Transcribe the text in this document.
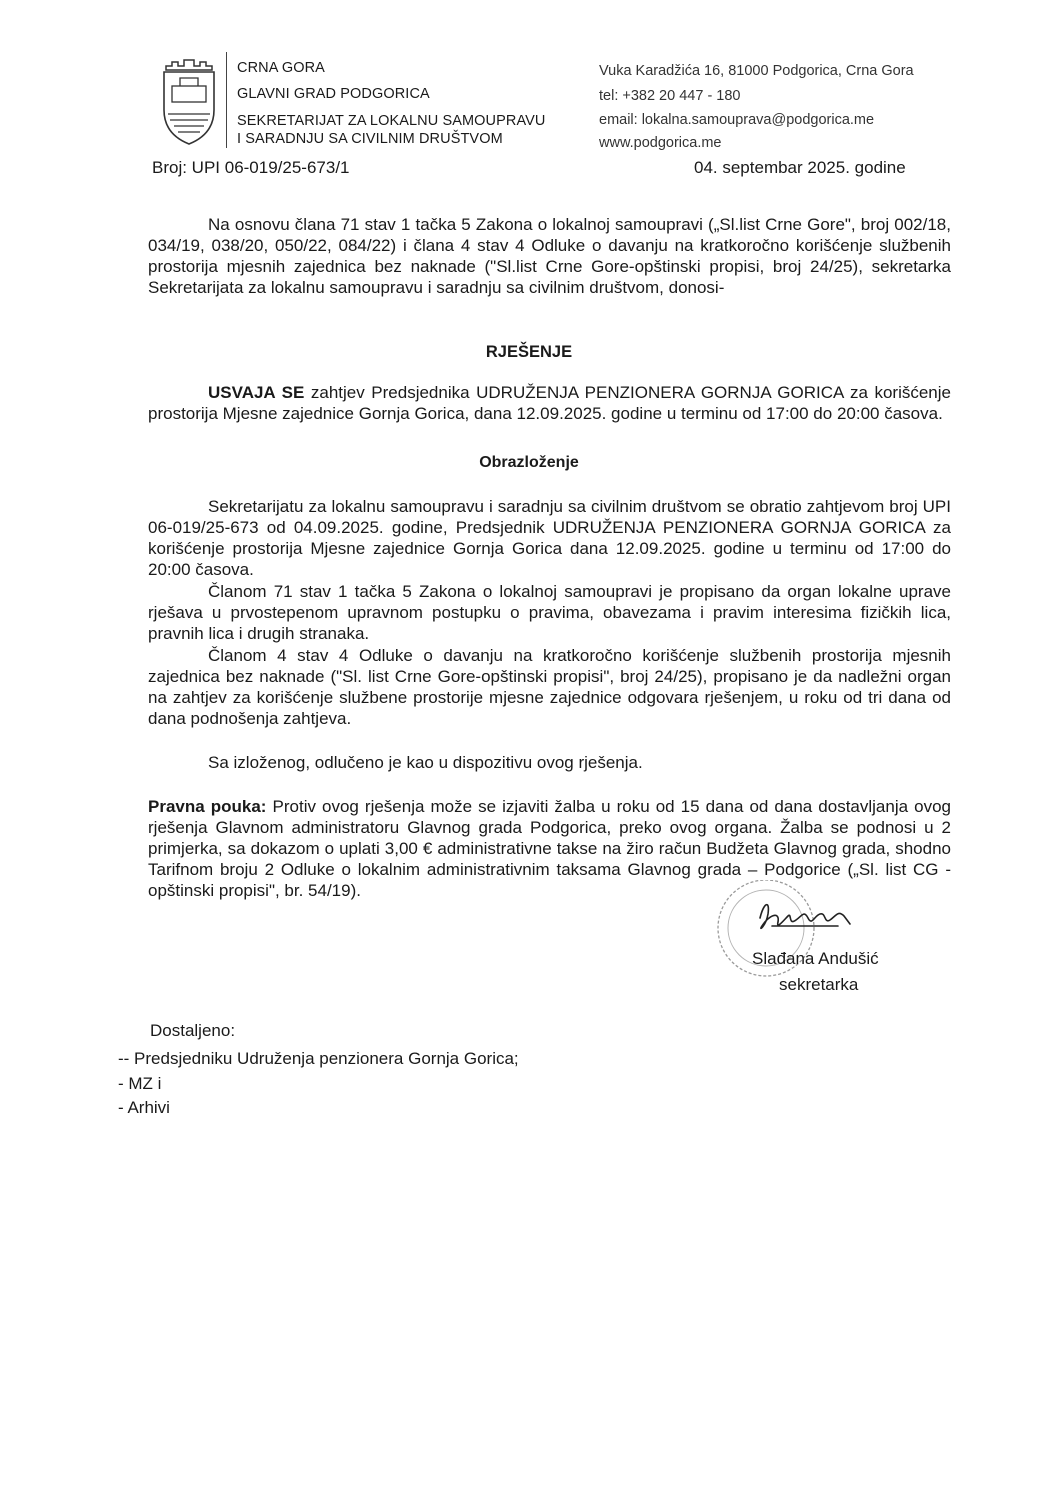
CRNA GORA
GLAVNI GRAD PODGORICA
SEKRETARIJAT ZA LOKALNU SAMOUPRAVU
I SARADNJU SA CIVILNIM DRUŠTVOM
Vuka Karadžića 16, 81000 Podgorica, Crna Gora
tel: +382 20 447 - 180
email: lokalna.samouprava@podgorica.me
www.podgorica.me
Broj: UPI 06-019/25-673/1	04. septembar 2025. godine
Na osnovu člana 71 stav 1 tačka 5 Zakona o lokalnoj samoupravi („Sl.list Crne Gore", broj 002/18, 034/19, 038/20, 050/22, 084/22) i člana 4 stav 4 Odluke o davanju na kratkoročno korišćenje službenih prostorija mjesnih zajednica bez naknade ("Sl.list Crne Gore-opštinski propisi, broj 24/25), sekretarka Sekretarijata za lokalnu samoupravu i saradnju sa civilnim društvom, donosi-
RJEŠENJE
USVAJA SE zahtjev Predsjednika UDRUŽENJA PENZIONERA GORNJA GORICA za korišćenje prostorija Mjesne zajednice Gornja Gorica, dana 12.09.2025. godine u terminu od 17:00 do 20:00 časova.
Obrazloženje
Sekretarijatu za lokalnu samoupravu i saradnju sa civilnim društvom se obratio zahtjevom broj UPI 06-019/25-673 od 04.09.2025. godine, Predsjednik UDRUŽENJA PENZIONERA GORNJA GORICA za korišćenje prostorija Mjesne zajednice Gornja Gorica dana 12.09.2025. godine u terminu od 17:00 do 20:00 časova.
Članom 71 stav 1 tačka 5 Zakona o lokalnoj samoupravi je propisano da organ lokalne uprave rješava u prvostepenom upravnom postupku o pravima, obavezama i pravim interesima fizičkih lica, pravnih lica i drugih stranaka.
Članom 4 stav 4 Odluke o davanju na kratkoročno korišćenje službenih prostorija mjesnih zajednica bez naknade ("Sl. list Crne Gore-opštinski propisi", broj 24/25), propisano je da nadležni organ na zahtjev za korišćenje službene prostorije mjesne zajednice odgovara rješenjem, u roku od tri dana od dana podnošenja zahtjeva.
Sa izloženog, odlučeno je kao u dispozitivu ovog rješenja.
Pravna pouka: Protiv ovog rješenja može se izjaviti žalba u roku od 15 dana od dana dostavljanja ovog rješenja Glavnom administratoru Glavnog grada Podgorica, preko ovog organa. Žalba se podnosi u 2 primjerka, sa dokazom o uplati 3,00 € administrativne takse na žiro račun Budžeta Glavnog grada, shodno Tarifnom broju 2 Odluke o lokalnim administrativnim taksama Glavnog grada – Podgorice („Sl. list CG - opštinski propisi", br. 54/19).
Slađana Andušić
sekretarka
Dostaljeno:
-- Predsjedniku Udruženja penzionera Gornja Gorica;
- MZ i
- Arhivi
